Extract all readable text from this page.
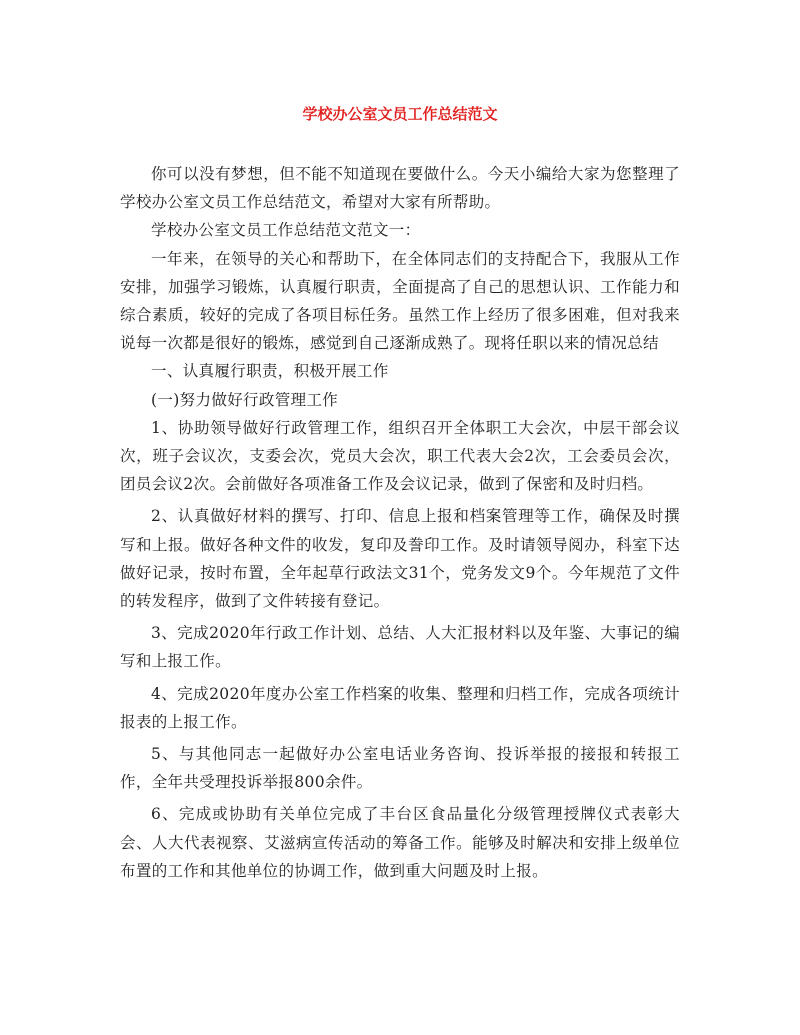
学校办公室文员工作总结范文

你可以没有梦想，但不能不知道现在要做什么。今天小编给大家为您整理了学校办公室文员工作总结范文，希望对大家有所帮助。

学校办公室文员工作总结范文范文一：

一年来，在领导的关心和帮助下，在全体同志们的支持配合下，我服从工作安排，加强学习锻炼，认真履行职责，全面提高了自己的思想认识、工作能力和综合素质，较好的完成了各项目标任务。虽然工作上经历了很多困难，但对我来说每一次都是很好的锻炼，感觉到自己逐渐成熟了。现将任职以来的情况总结

一、认真履行职责，积极开展工作

(一)努力做好行政管理工作

1、协助领导做好行政管理工作，组织召开全体职工大会次，中层干部会议次，班子会议次，支委会次，党员大会次，职工代表大会2次，工会委员会次，团员会议2次。会前做好各项准备工作及会议记录，做到了保密和及时归档。

2、认真做好材料的撰写、打印、信息上报和档案管理等工作，确保及时撰写和上报。做好各种文件的收发，复印及誊印工作。及时请领导阅办，科室下达做好记录，按时布置，全年起草行政法文31个，党务发文9个。今年规范了文件的转发程序，做到了文件转接有登记。

3、完成2020年行政工作计划、总结、人大汇报材料以及年鉴、大事记的编写和上报工作。

4、完成2020年度办公室工作档案的收集、整理和归档工作，完成各项统计报表的上报工作。

5、与其他同志一起做好办公室电话业务咨询、投诉举报的接报和转报工作，全年共受理投诉举报800余件。

6、完成或协助有关单位完成了丰台区食品量化分级管理授牌仪式表彰大会、人大代表视察、艾滋病宣传活动的筹备工作。能够及时解决和安排上级单位布置的工作和其他单位的协调工作，做到重大问题及时上报。
